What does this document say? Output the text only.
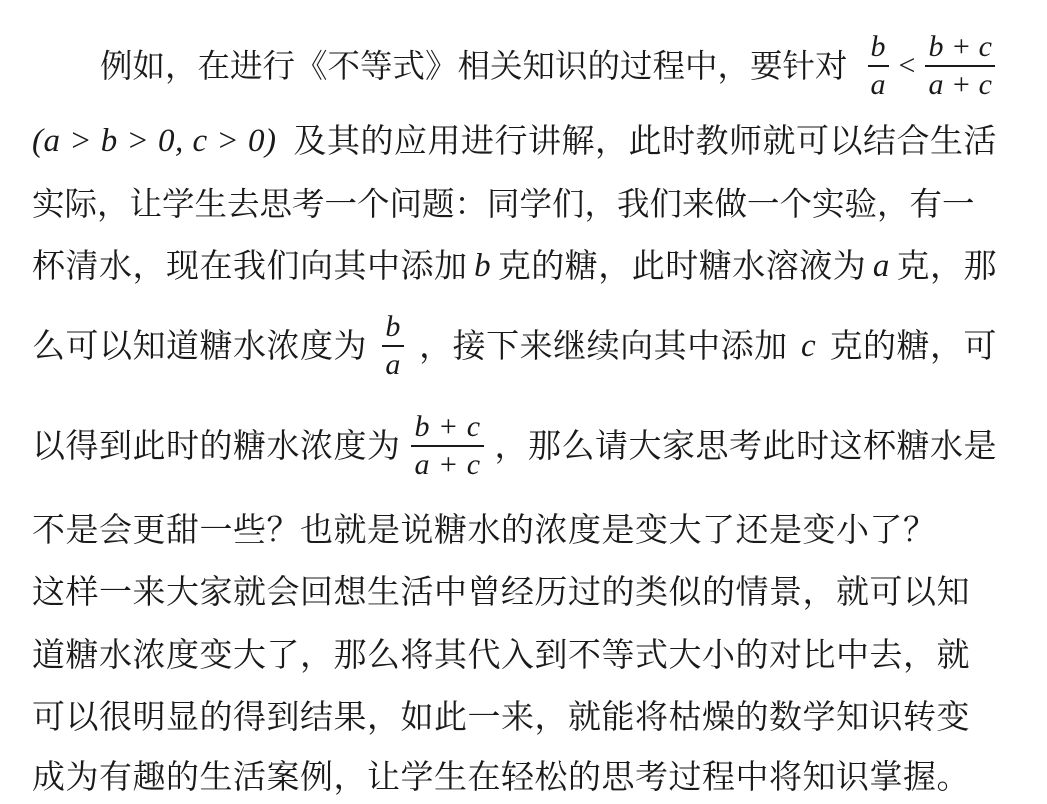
例如，在进行《不等式》相关知识的过程中，要针对 $\frac{b}{a} < \frac{b + c}{a + c}$
(a > b > 0, c > 0) 及其的应用进行讲解，此时教师就可以结合生活
实际，让学生去思考一个问题：同学们，我们来做一个实验，有一
杯清水，现在我们向其中添加 b 克的糖，此时糖水溶液为 a 克，那
么可以知道糖水浓度为 $\frac{b}{a}$ ，接下来继续向其中添加 c 克的糖，可
以得到此时的糖水浓度为 $\frac{b + c}{a + c}$ ，那么请大家思考此时这杯糖水是
不是会更甜一些？也就是说糖水的浓度是变大了还是变小了？
这样一来大家就会回想生活中曾经历过的类似的情景，就可以知
道糖水浓度变大了，那么将其代入到不等式大小的对比中去，就
可以很明显的得到结果，如此一来，就能将枯燥的数学知识转变
成为有趣的生活案例，让学生在轻松的思考过程中将知识掌握。
